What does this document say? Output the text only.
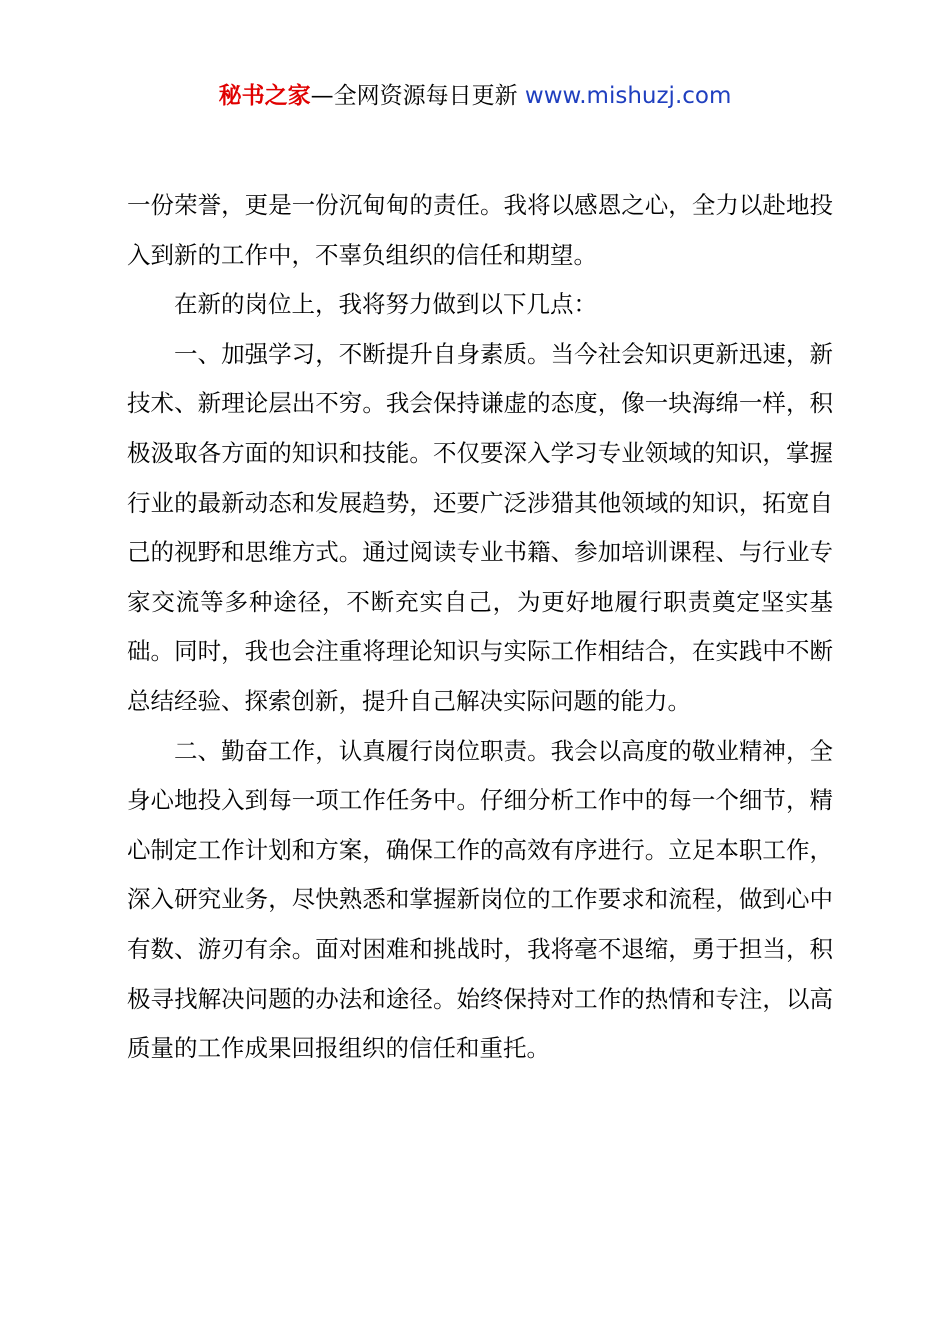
秘书之家—全网资源每日更新 www.mishuzj.com

一份荣誉，更是一份沉甸甸的责任。我将以感恩之心，全力以赴地投入到新的工作中，不辜负组织的信任和期望。

在新的岗位上，我将努力做到以下几点：

一、加强学习，不断提升自身素质。当今社会知识更新迅速，新技术、新理论层出不穷。我会保持谦虚的态度，像一块海绵一样，积极汲取各方面的知识和技能。不仅要深入学习专业领域的知识，掌握行业的最新动态和发展趋势，还要广泛涉猎其他领域的知识，拓宽自己的视野和思维方式。通过阅读专业书籍、参加培训课程、与行业专家交流等多种途径，不断充实自己，为更好地履行职责奠定坚实基础。同时，我也会注重将理论知识与实际工作相结合，在实践中不断总结经验、探索创新，提升自己解决实际问题的能力。

二、勤奋工作，认真履行岗位职责。我会以高度的敬业精神，全身心地投入到每一项工作任务中。仔细分析工作中的每一个细节，精心制定工作计划和方案，确保工作的高效有序进行。立足本职工作，深入研究业务，尽快熟悉和掌握新岗位的工作要求和流程，做到心中有数、游刃有余。面对困难和挑战时，我将毫不退缩，勇于担当，积极寻找解决问题的办法和途径。始终保持对工作的热情和专注，以高质量的工作成果回报组织的信任和重托。
